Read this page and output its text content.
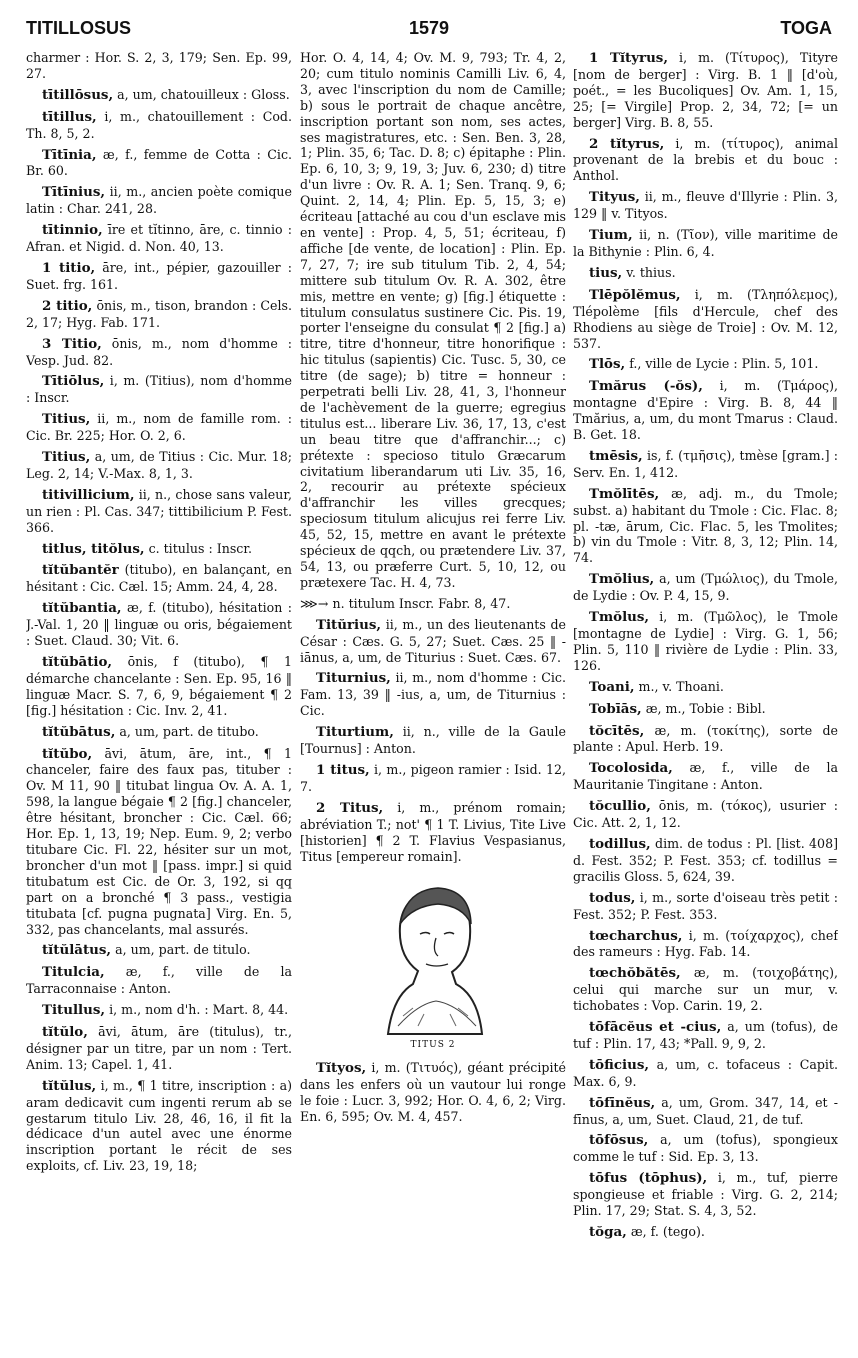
TITILLOSUS	1579	TOGA

charmer : Hor. S. 2, 3, 179; Sen. Ep. 99, 27.

tītillōsus, a, um, chatouilleux : Gloss.

tītillus, i, m., chatouillement : Cod. Th. 8, 5, 2.

Tītīnia, æ, f., femme de Cotta : Cic. Br. 60.

Tītīnius, ii, m., ancien poète comique latin : Char. 241, 28.

tītinnio, īre et tĭtinno, āre, c. tinnio : Afran. et Nigid. d. Non. 40, 13.

1 titio, āre, int., pépier, gazouiller : Suet. frg. 161.

2 titio, ōnis, m., tison, brandon : Cels. 2, 17; Hyg. Fab. 171.

3 Titio, ōnis, m., nom d'homme : Vesp. Jud. 82.

Tītiōlus, i, m. (Titius), nom d'homme : Inscr.

Titius, ii, m., nom de famille rom. : Cic. Br. 225; Hor. O. 2, 6.

Titius, a, um, de Titius : Cic. Mur. 18; Leg. 2, 14; V.-Max. 8, 1, 3.

titivillicium, ii, n., chose sans valeur, un rien : Pl. Cas. 347; tittibilicium P. Fest. 366.

titlus, titŏlus, c. titulus : Inscr.

tĭtŭbantĕr (titubo), en balançant, en hésitant : Cic. Cæl. 15; Amm. 24, 4, 28.

tĭtŭbantia, æ, f. (titubo), hésitation : J.-Val. 1, 20 ‖ linguæ ou oris, bégaiement : Suet. Claud. 30; Vit. 6.

tĭtŭbātio, ōnis, f (titubo), ¶ 1 démarche chancelante : Sen. Ep. 95, 16 ‖ linguæ Macr. S. 7, 6, 9, bégaiement ¶ 2 [fig.] hésitation : Cic. Inv. 2, 41.

tĭtŭbātus, a, um, part. de titubo.

tĭtŭbo, āvi, ātum, āre, int., ¶ 1 chanceler, faire des faux pas, tituber : Ov. M 11, 90 ‖ titubat lingua Ov. A. A. 1, 598, la langue bégaie ¶ 2 [fig.] chanceler, être hésitant, broncher : Cic. Cæl. 66; Hor. Ep. 1, 13, 19; Nep. Eum. 9, 2; verbo titubare Cic. Fl. 22, hésiter sur un mot, broncher d'un mot ‖ [pass. impr.] si quid titubatum est Cic. de Or. 3, 192, si qq part on a bronché ¶ 3 pass., vestigia titubata [cf. pugna pugnata] Virg. En. 5, 332, pas chancelants, mal assurés.

tĭtŭlātus, a, um, part. de titulo.

Titulcia, æ, f., ville de la Tarraconnaise : Anton.

Titullus, i, m., nom d'h. : Mart. 8, 44.

tĭtŭlo, āvi, ātum, āre (titulus), tr., désigner par un titre, par un nom : Tert. Anim. 13; Capel. 1, 41.

tĭtŭlus, i, m., ¶ 1 titre, inscription : a) aram dedicavit cum ingenti rerum ab se gestarum titulo Liv. 28, 46, 16, il fit la dédicace d'un autel avec une énorme inscription portant le récit de ses exploits, cf. Liv. 23, 19, 18;

Hor. O. 4, 14, 4; Ov. M. 9, 793; Tr. 4, 2, 20; cum titulo nominis Camilli Liv. 6, 4, 3, avec l'inscription du nom de Camille; b) sous le portrait de chaque ancêtre, inscription portant son nom, ses actes, ses magistratures, etc. : Sen. Ben. 3, 28, 1; Plin. 35, 6; Tac. D. 8; c) épitaphe : Plin. Ep. 6, 10, 3; 9, 19, 3; Juv. 6, 230; d) titre d'un livre : Ov. R. A. 1; Sen. Tranq. 9, 6; Quint. 2, 14, 4; Plin. Ep. 5, 15, 3; e) écriteau [attaché au cou d'un esclave mis en vente] : Prop. 4, 5, 51; écriteau, f) affiche [de vente, de location] : Plin. Ep. 7, 27, 7; ire sub titulum Tib. 2, 4, 54; mittere sub titulum Ov. R. A. 302, être mis, mettre en vente; g) [fig.] étiquette : titulum consulatus sustinere Cic. Pis. 19, porter l'enseigne du consulat ¶ 2 [fig.] a) titre, titre d'honneur, titre honorifique : hic titulus (sapientis) Cic. Tusc. 5, 30, ce titre (de sage); b) titre = honneur : perpetrati belli Liv. 28, 41, 3, l'honneur de l'achèvement de la guerre; egregius titulus est... liberare Liv. 36, 17, 13, c'est un beau titre que d'affranchir...; c) prétexte : specioso titulo Græcarum civitatium liberandarum uti Liv. 35, 16, 2, recourir au prétexte spécieux d'affranchir les villes grecques; speciosum titulum alicujus rei ferre Liv. 45, 52, 15, mettre en avant le prétexte spécieux de qqch, ou prætendere Liv. 37, 54, 13, ou præferre Curt. 5, 10, 12, ou prætexere Tac. H. 4, 73.

⋙→ n. titulum Inscr. Fabr. 8, 47.

Titŭrius, ii, m., un des lieutenants de César : Cæs. G. 5, 27; Suet. Cæs. 25 ‖ -iānus, a, um, de Titurius : Suet. Cæs. 67.

Titurnius, ii, m., nom d'homme : Cic. Fam. 13, 39 ‖ -ius, a, um, de Titurnius : Cic.

Titurtium, ii, n., ville de la Gaule [Tournus] : Anton.

1 titus, i, m., pigeon ramier : Isid. 12, 7.

2 Titus, i, m., prénom romain; abréviation T.; not' ¶ 1 T. Livius, Tite Live [historien] ¶ 2 T. Flavius Vespasianus, Titus [empereur romain].

TITUS 2

Tĭtyos, i, m. (Τιτυός), géant précipité dans les enfers où un vautour lui ronge le foie : Lucr. 3, 992; Hor. O. 4, 6, 2; Virg. En. 6, 595; Ov. M. 4, 457.

1 Tĭtyrus, i, m. (Τίτυρος), Tityre [nom de berger] : Virg. B. 1 ‖ [d'où, poét., = les Bucoliques] Ov. Am. 1, 15, 25; [= Virgile] Prop. 2, 34, 72; [= un berger] Virg. B. 8, 55.

2 tĭtyrus, i, m. (τίτυρος), animal provenant de la brebis et du bouc : Anthol.

Tityus, ii, m., fleuve d'Illyrie : Plin. 3, 129 ‖ v. Tityos.

Tium, ii, n. (Τῖον), ville maritime de la Bithynie : Plin. 6, 4.

tius, v. thius.

Tlēpŏlĕmus, i, m. (Τληπόλεμος), Tlépolème [fils d'Hercule, chef des Rhodiens au siège de Troie] : Ov. M. 12, 537.

Tlōs, f., ville de Lycie : Plin. 5, 101.

Tmărus (-ŏs), i, m. (Τμάρος), montagne d'Epire : Virg. B. 8, 44 ‖ Tmărius, a, um, du mont Tmarus : Claud. B. Get. 18.

tmēsis, is, f. (τμῆσις), tmèse [gram.] : Serv. En. 1, 412.

Tmŏlītēs, æ, adj. m., du Tmole; subst. a) habitant du Tmole : Cic. Flac. 8; pl. -tæ, ārum, Cic. Flac. 5, les Tmolites; b) vin du Tmole : Vitr. 8, 3, 12; Plin. 14, 74.

Tmŏlius, a, um (Τμώλιος), du Tmole, de Lydie : Ov. P. 4, 15, 9.

Tmŏlus, i, m. (Τμῶλος), le Tmole [montagne de Lydie] : Virg. G. 1, 56; Plin. 5, 110 ‖ rivière de Lydie : Plin. 33, 126.

Toani, m., v. Thoani.

Tobīās, æ, m., Tobie : Bibl.

tŏcītēs, æ, m. (τοκίτης), sorte de plante : Apul. Herb. 19.

Tocolosida, æ, f., ville de la Mauritanie Tingitane : Anton.

tŏcullio, ōnis, m. (τόκος), usurier : Cic. Att. 2, 1, 12.

todillus, dim. de todus : Pl. [list. 408] d. Fest. 352; P. Fest. 353; cf. todillus = gracilis Gloss. 5, 624, 39.

todus, i, m., sorte d'oiseau très petit : Fest. 352; P. Fest. 353.

tœcharchus, i, m. (τοίχαρχος), chef des rameurs : Hyg. Fab. 14.

tœchŏbătēs, æ, m. (τοιχοβάτης), celui qui marche sur un mur, v. tichobates : Vop. Carin. 19, 2.

tōfācĕus et -cius, a, um (tofus), de tuf : Plin. 17, 43; *Pall. 9, 9, 2.

tōficius, a, um, c. tofaceus : Capit. Max. 6, 9.

tōfīnĕus, a, um, Grom. 347, 14, et -fīnus, a, um, Suet. Claud, 21, de tuf.

tōfōsus, a, um (tofus), spongieux comme le tuf : Sid. Ep. 3, 13.

tōfus (tōphus), i, m., tuf, pierre spongieuse et friable : Virg. G. 2, 214; Plin. 17, 29; Stat. S. 4, 3, 52.

tŏga, æ, f. (tego).
